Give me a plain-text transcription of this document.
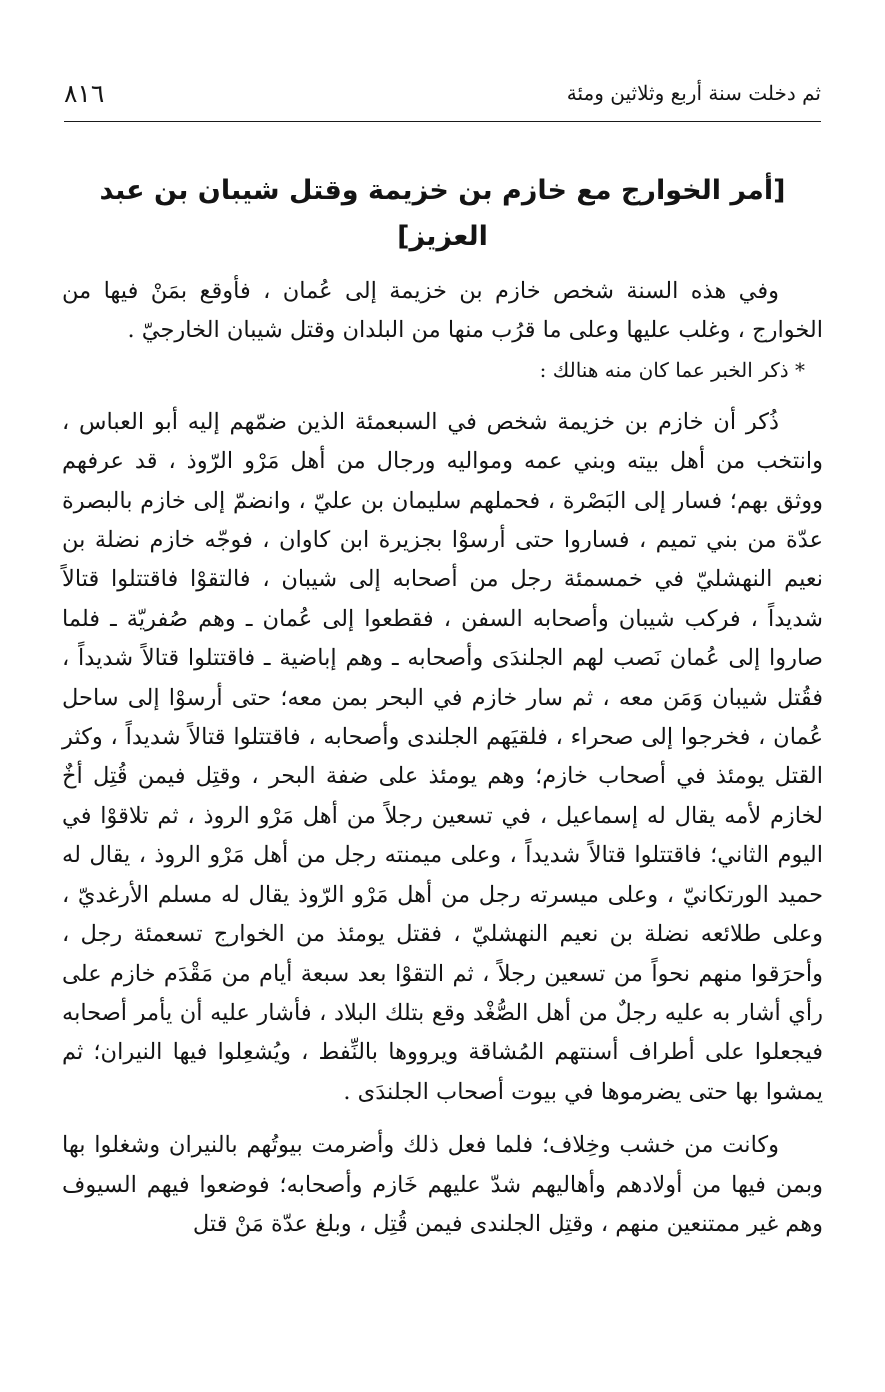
ثم دخلت سنة أربع وثلاثين ومئة
٨١٦
[أمر الخوارج مع خازم بن خزيمة وقتل شيبان بن عبد العزيز]

وفي هذه السنة شخص خازم بن خزيمة إلى عُمان ، فأوقع بمَنْ فيها من الخوارج ، وغلب عليها وعلى ما قرُب منها من البلدان وقتل شيبان الخارجيّ .

* ذكر الخبر عما كان منه هنالك :

ذُكر أن خازم بن خزيمة شخص في السبعمئة الذين ضمّهم إليه أبو العباس ، وانتخب من أهل بيته وبني عمه ومواليه ورجال من أهل مَرْو الرّوذ ، قد عرفهم ووثق بهم؛ فسار إلى البَصْرة ، فحملهم سليمان بن عليّ ، وانضمّ إلى خازم بالبصرة عدّة من بني تميم ، فساروا حتى أرسوْا بجزيرة ابن كاوان ، فوجّه خازم نضلة بن نعيم النهشليّ في خمسمئة رجل من أصحابه إلى شيبان ، فالتقوْا فاقتتلوا قتالاً شديداً ، فركب شيبان وأصحابه السفن ، فقطعوا إلى عُمان ـ وهم صُفريّة ـ فلما صاروا إلى عُمان نَصب لهم الجلندَى وأصحابه ـ وهم إباضية ـ فاقتتلوا قتالاً شديداً ، فقُتل شيبان وَمَن معه ، ثم سار خازم في البحر بمن معه؛ حتى أرسوْا إلى ساحل عُمان ، فخرجوا إلى صحراء ، فلقيَهم الجلندى وأصحابه ، فاقتتلوا قتالاً شديداً ، وكثر القتل يومئذ في أصحاب خازم؛ وهم يومئذ على ضفة البحر ، وقتِل فيمن قُتِل أخٌ لخازم لأمه يقال له إسماعيل ، في تسعين رجلاً من أهل مَرْو الروذ ، ثم تلاقوْا في اليوم الثاني؛ فاقتتلوا قتالاً شديداً ، وعلى ميمنته رجل من أهل مَرْو الروذ ، يقال له حميد الورتكانيّ ، وعلى ميسرته رجل من أهل مَرْو الرّوذ يقال له مسلم الأرغديّ ، وعلى طلائعه نضلة بن نعيم النهشليّ ، فقتل يومئذ من الخوارج تسعمئة رجل ، وأحرَقوا منهم نحواً من تسعين رجلاً ، ثم التقوْا بعد سبعة أيام من مَقْدَم خازم على رأي أشار به عليه رجلٌ من أهل الصُّغْد وقع بتلك البلاد ، فأشار عليه أن يأمر أصحابه فيجعلوا على أطراف أسنتهم المُشاقة ويرووها بالنِّفط ، ويُشعِلوا فيها النيران؛ ثم يمشوا بها حتى يضرموها في بيوت أصحاب الجلندَى .

وكانت من خشب وخِلاف؛ فلما فعل ذلك وأضرمت بيوتُهم بالنيران وشغلوا بها وبمن فيها من أولادهم وأهاليهم شدّ عليهم خَازم وأصحابه؛ فوضعوا فيهم السيوف وهم غير ممتنعين منهم ، وقتِل الجلندى فيمن قُتِل ، وبلغ عدّة مَنْ قتل
